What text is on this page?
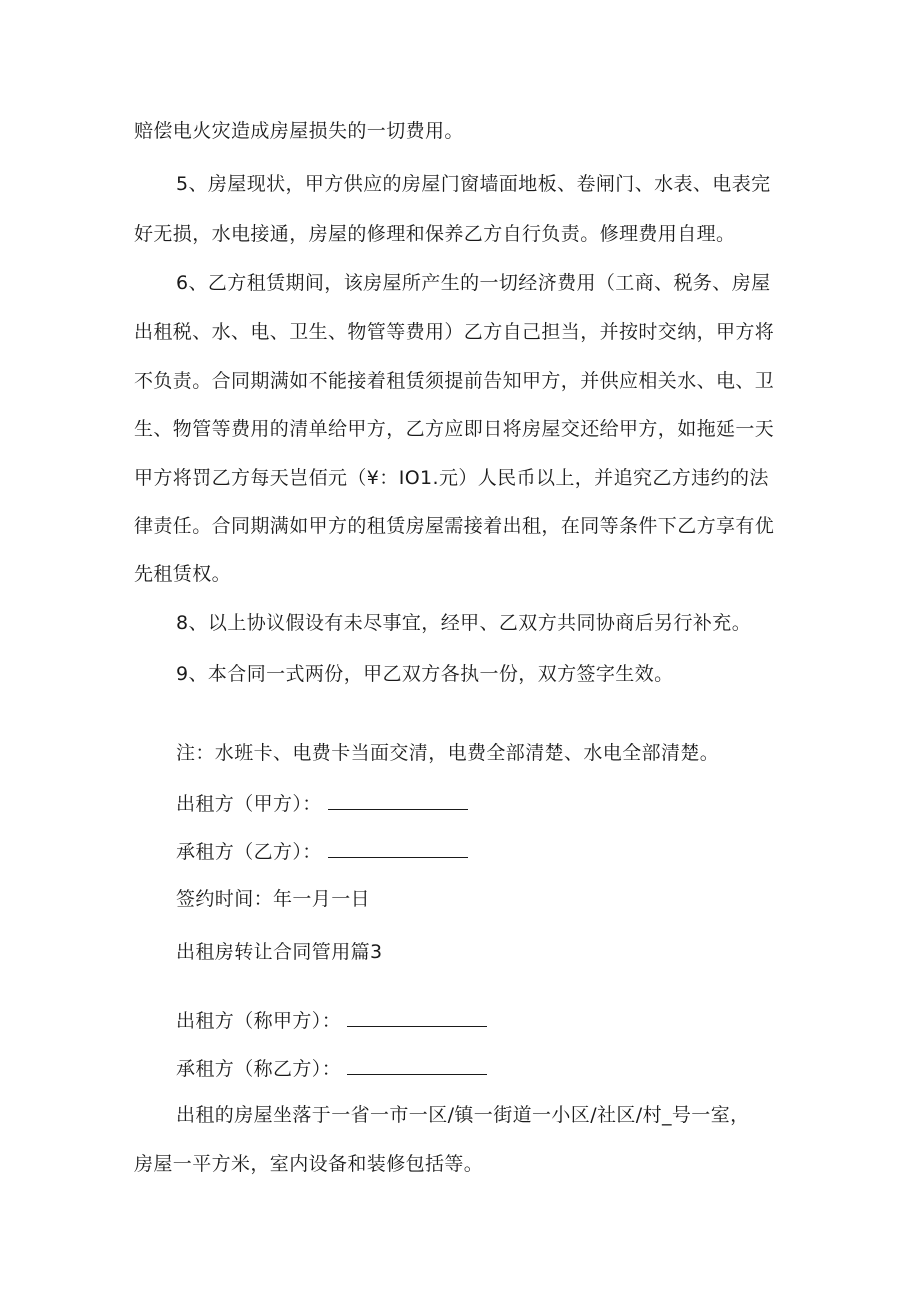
赔偿电火灾造成房屋损失的一切费用。
5、房屋现状，甲方供应的房屋门窗墙面地板、卷闸门、水表、电表完
好无损，水电接通，房屋的修理和保养乙方自行负责。修理费用自理。
6、乙方租赁期间，该房屋所产生的一切经济费用（工商、税务、房屋
出租税、水、电、卫生、物管等费用）乙方自己担当，并按时交纳，甲方将
不负责。合同期满如不能接着租赁须提前告知甲方，并供应相关水、电、卫
生、物管等费用的清单给甲方，乙方应即日将房屋交还给甲方，如拖延一天
甲方将罚乙方每天岂佰元（¥：IO1.元）人民币以上，并追究乙方违约的法
律责任。合同期满如甲方的租赁房屋需接着出租，在同等条件下乙方享有优
先租赁权。
8、以上协议假设有未尽事宜，经甲、乙双方共同协商后另行补充。
9、本合同一式两份，甲乙双方各执一份，双方签字生效。
注：水班卡、电费卡当面交清，电费全部清楚、水电全部清楚。
出租方（甲方）：
承租方（乙方）：
签约时间：年一月一日
出租房转让合同管用篇3
出租方（称甲方）：
承租方（称乙方）：
出租的房屋坐落于一省一市一区/镇一街道一小区/社区/村_号一室，
房屋一平方米，室内设备和装修包括等。
